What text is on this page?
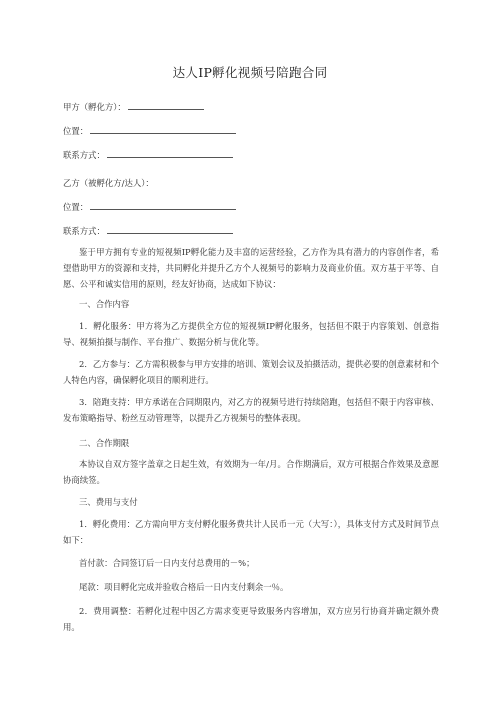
达人IP孵化视频号陪跑合同
甲方（孵化方）：
位置：
联系方式：
乙方（被孵化方/达人）：
位置：
联系方式：
鉴于甲方拥有专业的短视频IP孵化能力及丰富的运营经验，乙方作为具有潜力的内容创作者，希望借助甲方的资源和支持，共同孵化并提升乙方个人视频号的影响力及商业价值。双方基于平等、自愿、公平和诚实信用的原则，经友好协商，达成如下协议：
一、合作内容
1．孵化服务：甲方将为乙方提供全方位的短视频IP孵化服务，包括但不限于内容策划、创意指导、视频拍摄与制作、平台推广、数据分析与优化等。
2．乙方参与：乙方需积极参与甲方安排的培训、策划会议及拍摄活动，提供必要的创意素材和个人特色内容，确保孵化项目的顺利进行。
3．陪跑支持：甲方承诺在合同期限内，对乙方的视频号进行持续陪跑，包括但不限于内容审核、发布策略指导、粉丝互动管理等，以提升乙方视频号的整体表现。
二、合作期限
本协议自双方签字盖章之日起生效，有效期为一年/月。合作期满后，双方可根据合作效果及意愿协商续签。
三、费用与支付
1．孵化费用：乙方需向甲方支付孵化服务费共计人民币一元（大写：），具体支付方式及时间节点如下：
首付款：合同签订后一日内支付总费用的－%；
尾款：项目孵化完成并验收合格后一日内支付剩余一％。
2．费用调整：若孵化过程中因乙方需求变更导致服务内容增加，双方应另行协商并确定额外费用。
